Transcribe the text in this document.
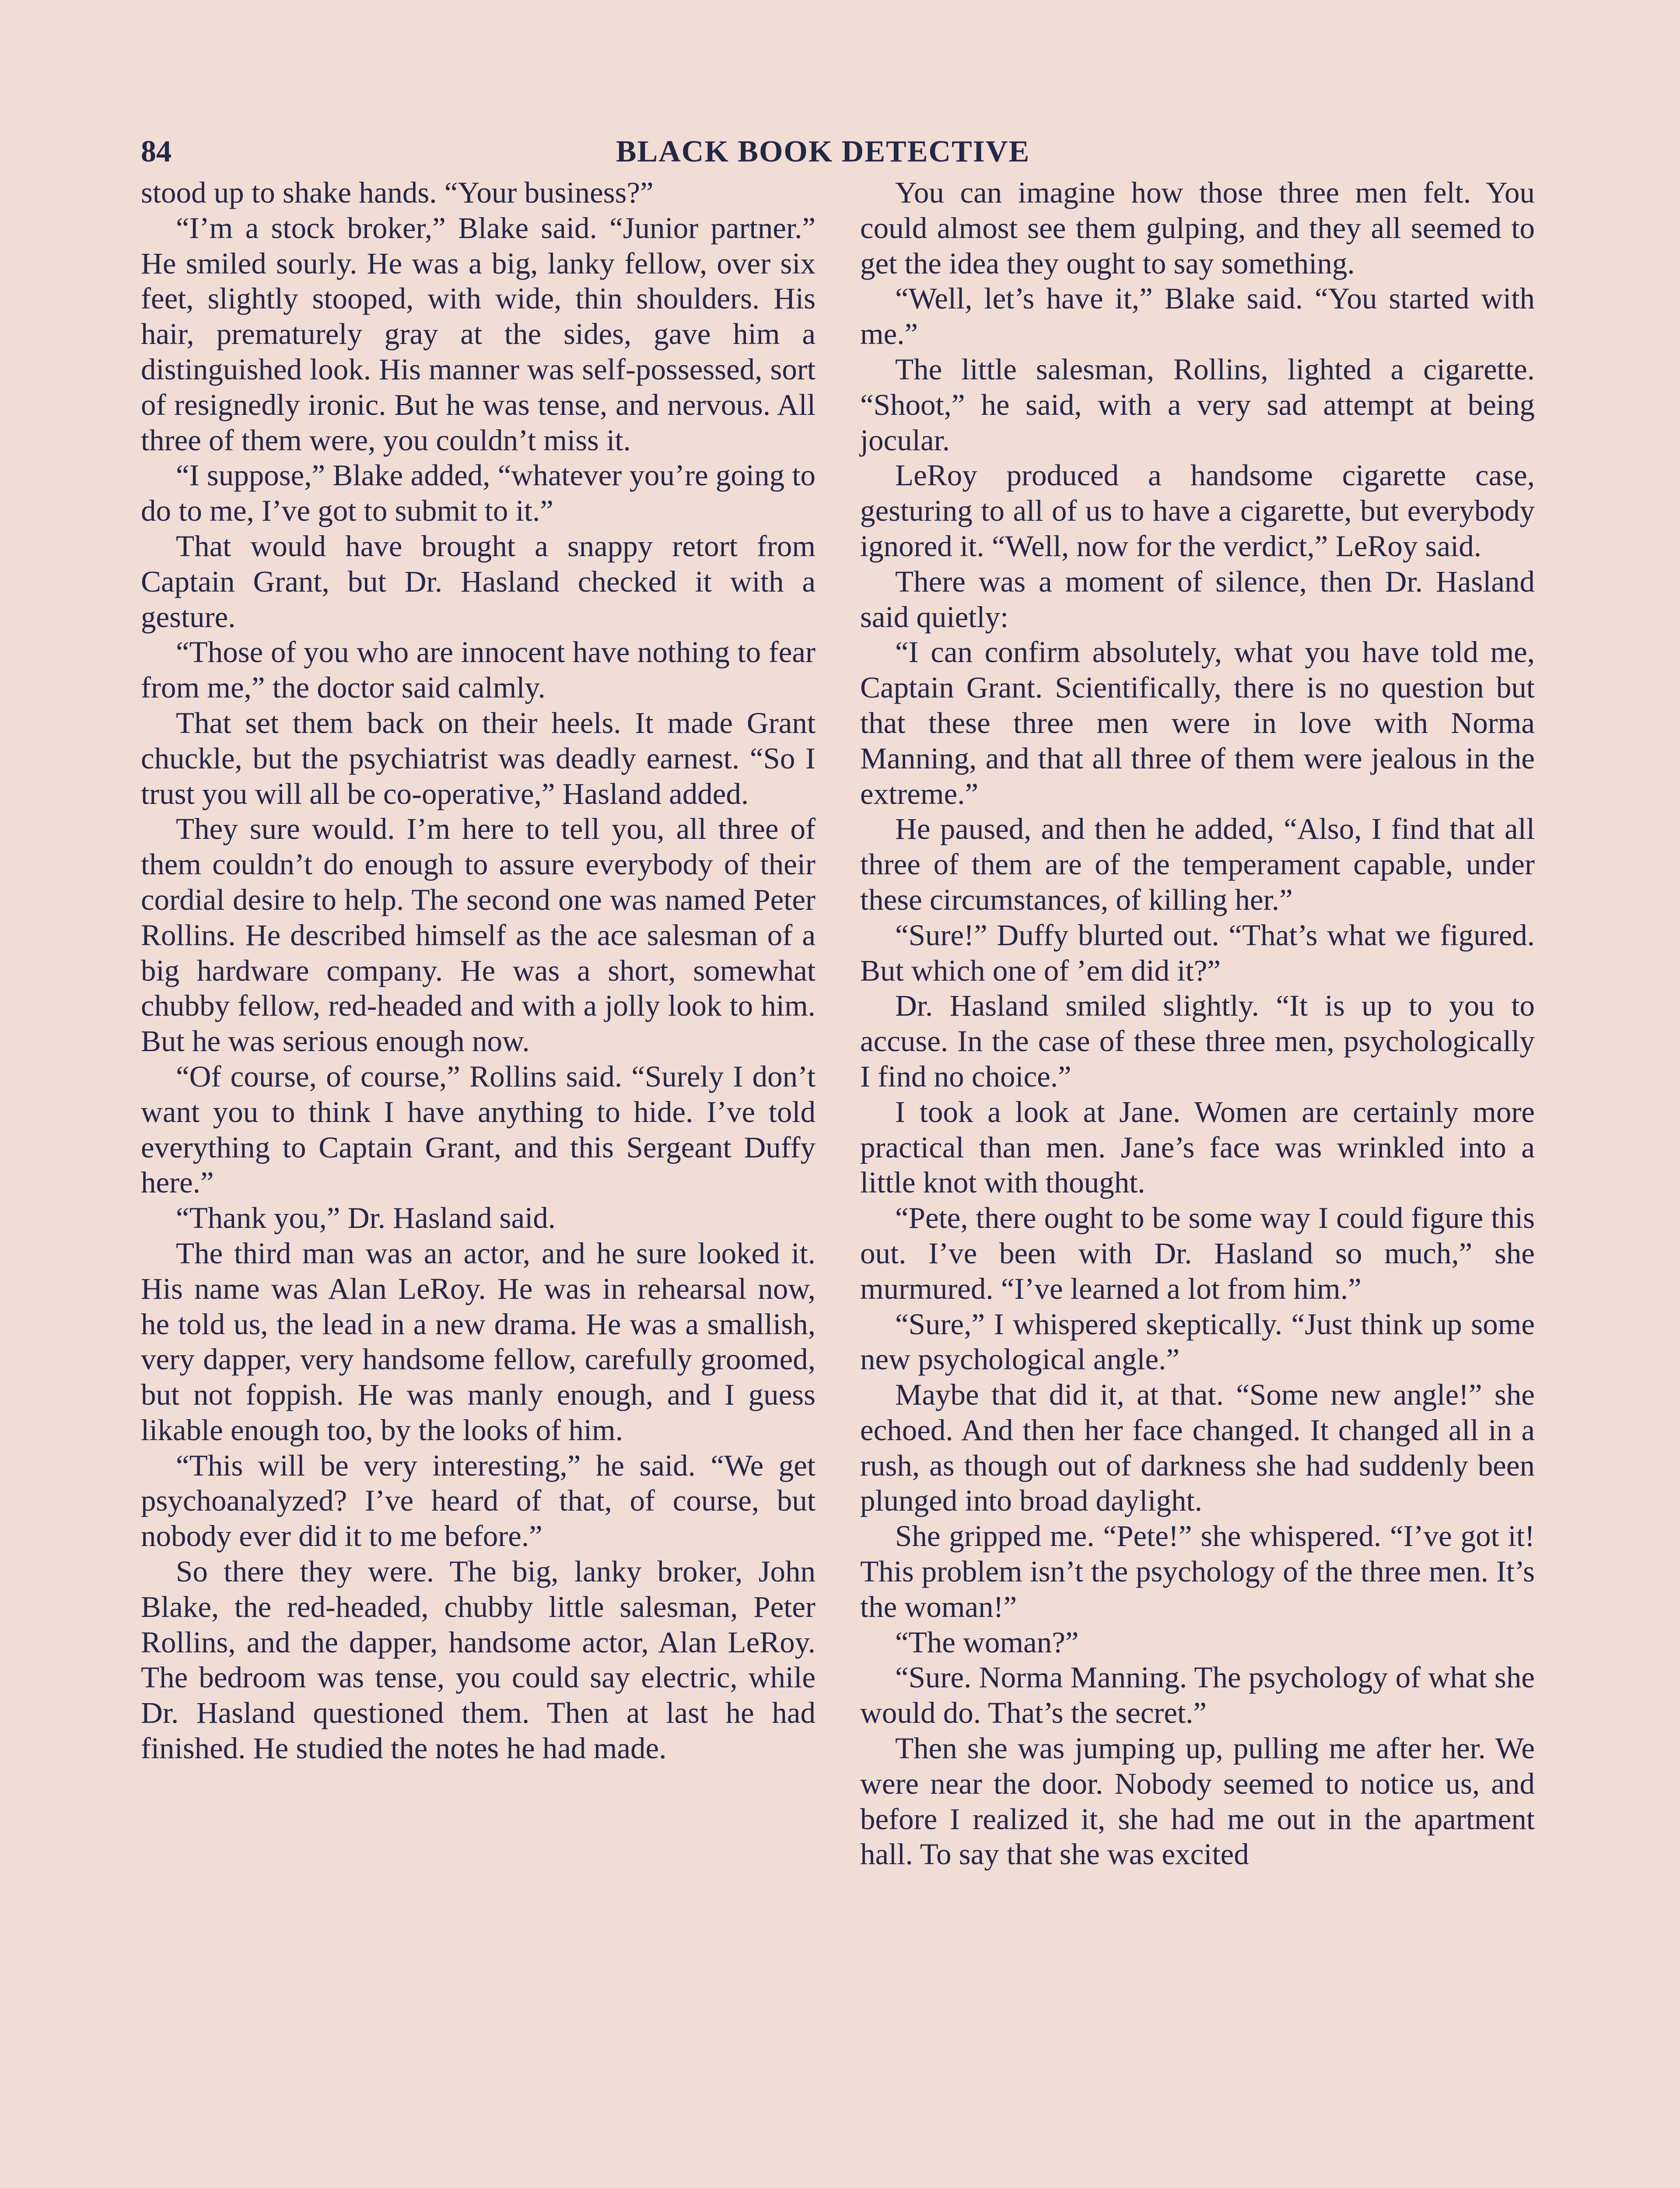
84	BLACK BOOK DETECTIVE

stood up to shake hands. “Your business?”

“I’m a stock broker,” Blake said. “Junior partner.” He smiled sourly. He was a big, lanky fellow, over six feet, slightly stooped, with wide, thin shoulders. His hair, prematurely gray at the sides, gave him a distinguished look. His manner was self-possessed, sort of resignedly ironic. But he was tense, and nervous. All three of them were, you couldn’t miss it.

“I suppose,” Blake added, “whatever you’re going to do to me, I’ve got to submit to it.”

That would have brought a snappy retort from Captain Grant, but Dr. Hasland checked it with a gesture.

“Those of you who are innocent have nothing to fear from me,” the doctor said calmly.

That set them back on their heels. It made Grant chuckle, but the psychiatrist was deadly earnest. “So I trust you will all be co-operative,” Hasland added.

They sure would. I’m here to tell you, all three of them couldn’t do enough to assure everybody of their cordial desire to help. The second one was named Peter Rollins. He described himself as the ace salesman of a big hardware company. He was a short, somewhat chubby fellow, red-headed and with a jolly look to him. But he was serious enough now.

“Of course, of course,” Rollins said. “Surely I don’t want you to think I have anything to hide. I’ve told everything to Captain Grant, and this Sergeant Duffy here.”

“Thank you,” Dr. Hasland said.

The third man was an actor, and he sure looked it. His name was Alan LeRoy. He was in rehearsal now, he told us, the lead in a new drama. He was a smallish, very dapper, very handsome fellow, carefully groomed, but not foppish. He was manly enough, and I guess likable enough too, by the looks of him.

“This will be very interesting,” he said. “We get psychoanalyzed? I’ve heard of that, of course, but nobody ever did it to me before.”

So there they were. The big, lanky broker, John Blake, the red-headed, chubby little salesman, Peter Rollins, and the dapper, handsome actor, Alan LeRoy. The bedroom was tense, you could say electric, while Dr. Hasland questioned them. Then at last he had finished. He studied the notes he had made.

You can imagine how those three men felt. You could almost see them gulping, and they all seemed to get the idea they ought to say something.

“Well, let’s have it,” Blake said. “You started with me.”

The little salesman, Rollins, lighted a cigarette. “Shoot,” he said, with a very sad attempt at being jocular.

LeRoy produced a handsome cigarette case, gesturing to all of us to have a cigarette, but everybody ignored it. “Well, now for the verdict,” LeRoy said.

There was a moment of silence, then Dr. Hasland said quietly:

“I can confirm absolutely, what you have told me, Captain Grant. Scientifically, there is no question but that these three men were in love with Norma Manning, and that all three of them were jealous in the extreme.”

He paused, and then he added, “Also, I find that all three of them are of the temperament capable, under these circumstances, of killing her.”

“Sure!” Duffy blurted out. “That’s what we figured. But which one of ’em did it?”

Dr. Hasland smiled slightly. “It is up to you to accuse. In the case of these three men, psychologically I find no choice.”

I took a look at Jane. Women are certainly more practical than men. Jane’s face was wrinkled into a little knot with thought.

“Pete, there ought to be some way I could figure this out. I’ve been with Dr. Hasland so much,” she murmured. “I’ve learned a lot from him.”

“Sure,” I whispered skeptically. “Just think up some new psychological angle.”

Maybe that did it, at that. “Some new angle!” she echoed. And then her face changed. It changed all in a rush, as though out of darkness she had suddenly been plunged into broad daylight.

She gripped me. “Pete!” she whispered. “I’ve got it! This problem isn’t the psychology of the three men. It’s the woman!”

“The woman?”

“Sure. Norma Manning. The psychology of what she would do. That’s the secret.”

Then she was jumping up, pulling me after her. We were near the door. Nobody seemed to notice us, and before I realized it, she had me out in the apartment hall. To say that she was excited
